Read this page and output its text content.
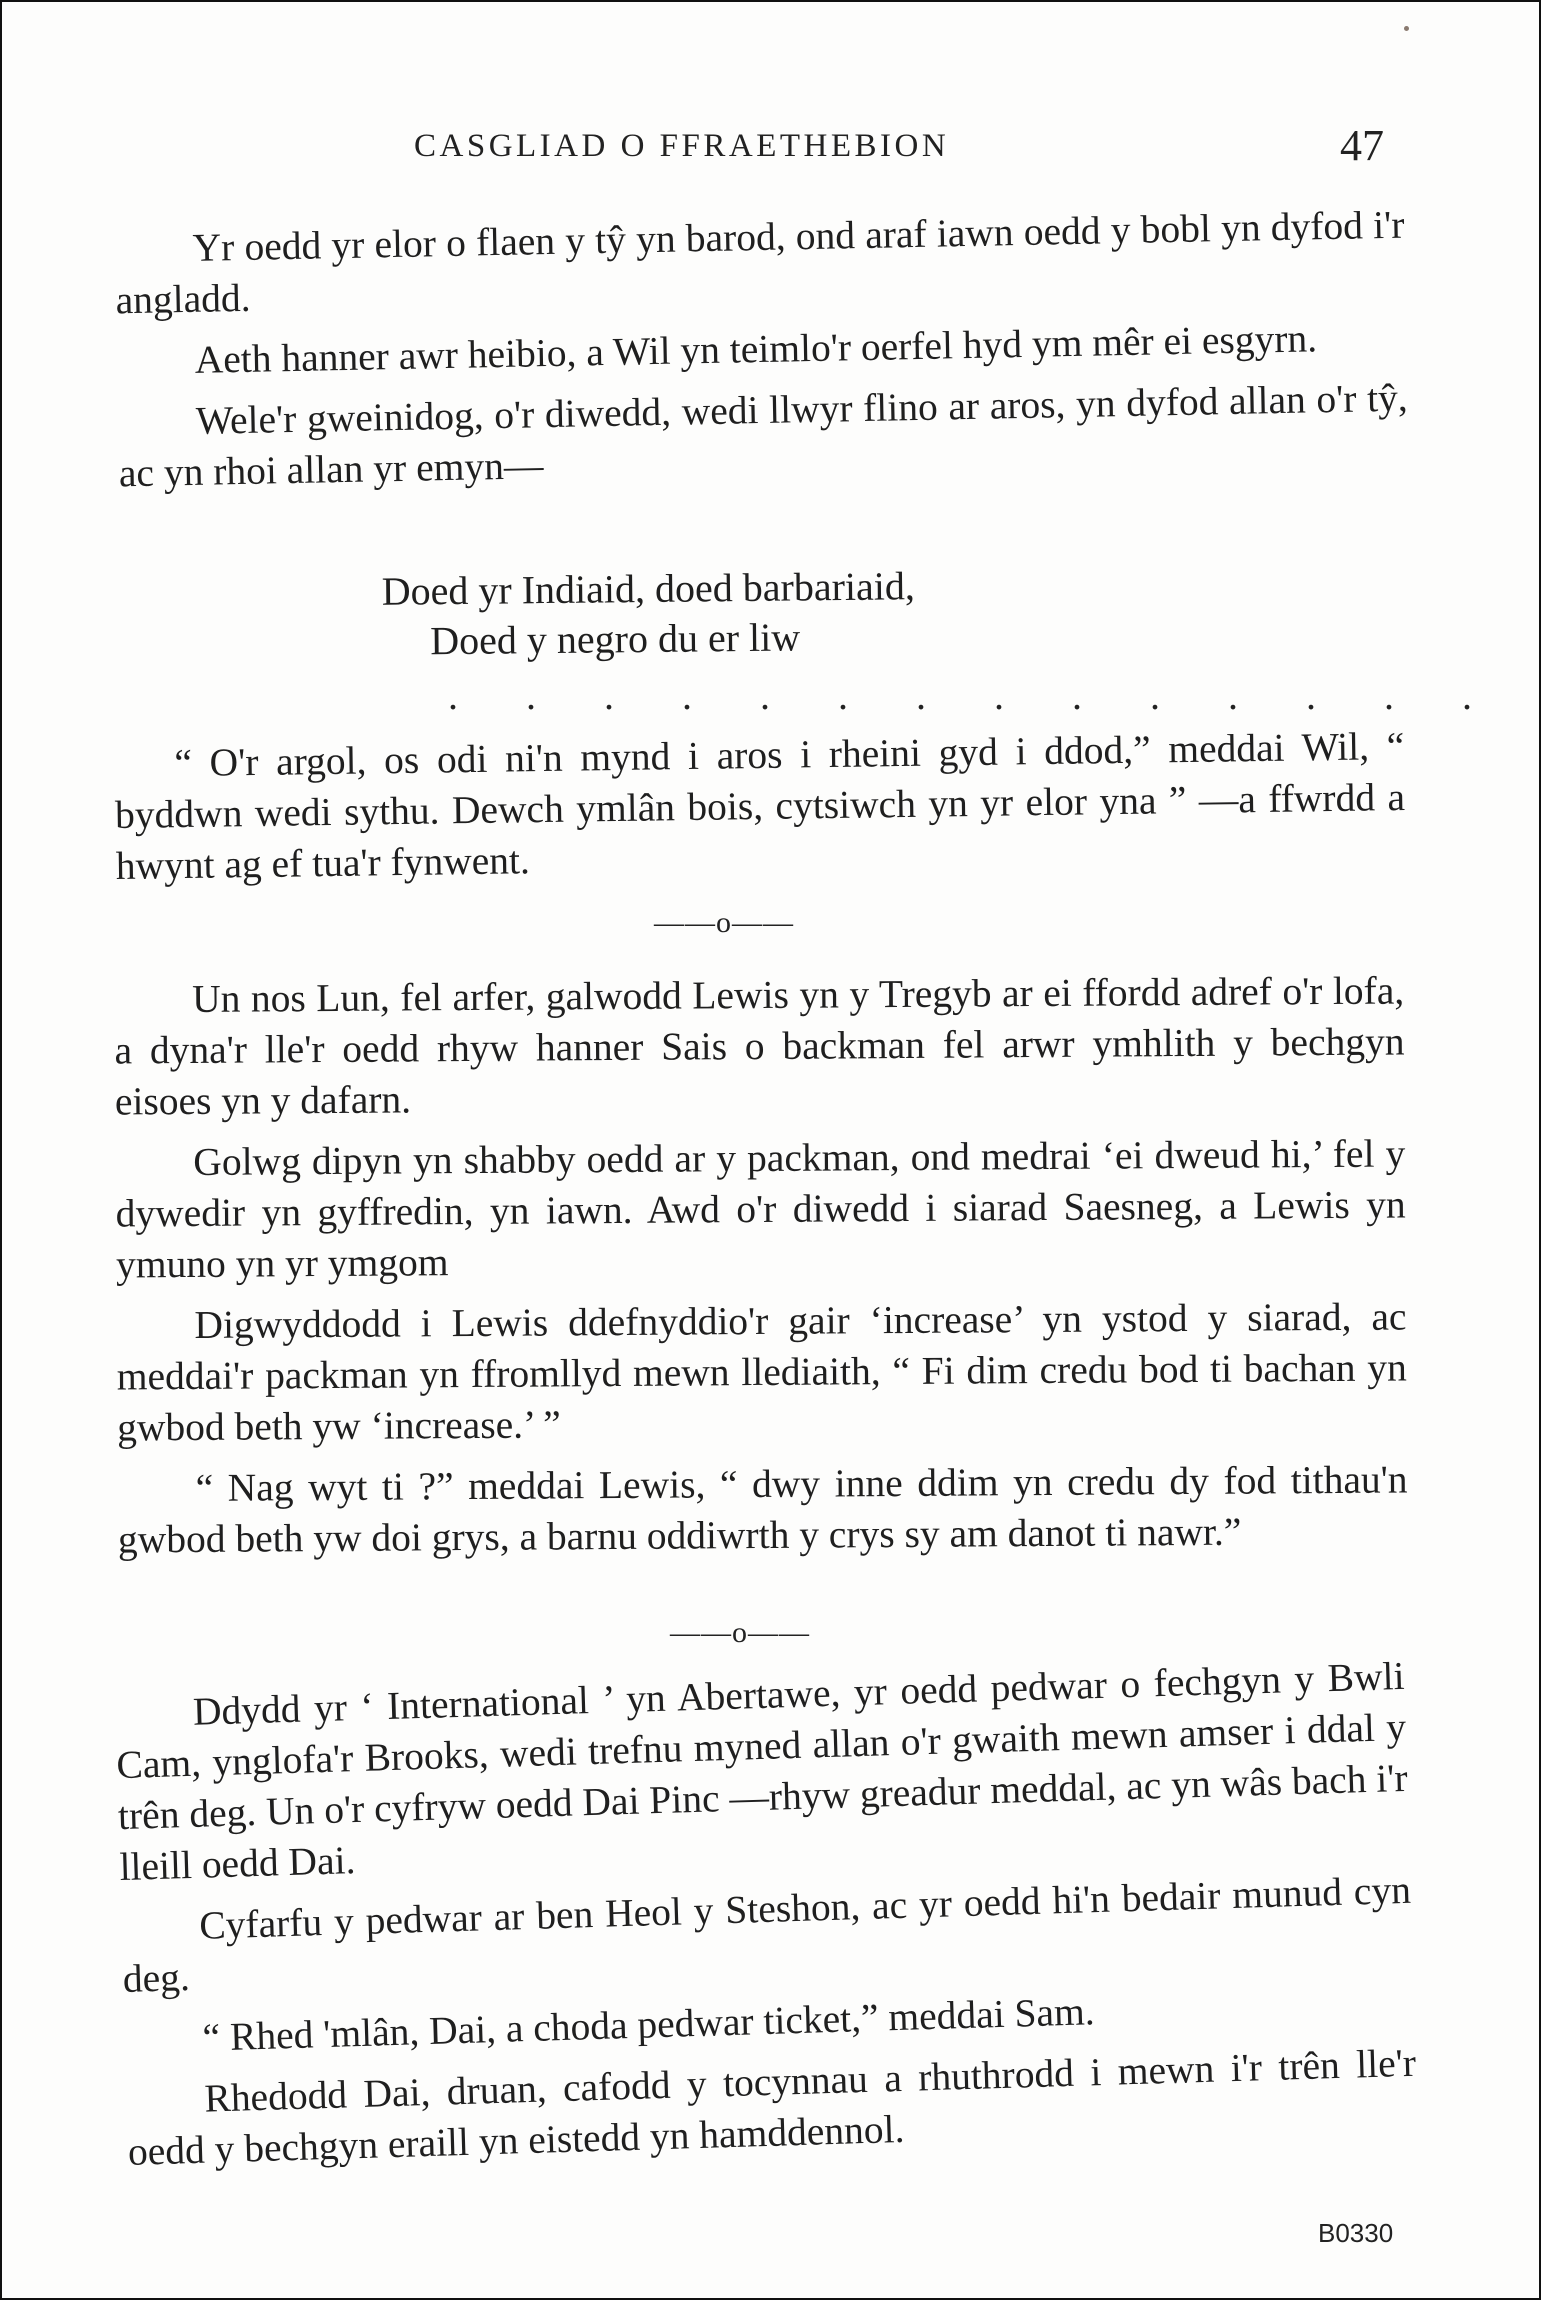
CASGLIAD O FFRAETHEBION	47

Yr oedd yr elor o flaen y tŷ yn barod, ond araf iawn oedd y bobl yn dyfod i'r angladd.

Aeth hanner awr heibio, a Wil yn teimlo'r oerfel hyd ym mêr ei esgyrn.

Wele'r gweinidog, o'r diwedd, wedi llwyr flino ar aros, yn dyfod allan o'r tŷ, ac yn rhoi allan yr emyn—

Doed yr Indiaid, doed barbariaid,
Doed y negro du er liw
. . . . . . . . . . . . . .
“ O'r argol, os odi ni'n mynd i aros i rheini gyd i ddod,” meddai Wil, “ byddwn wedi sythu. Dewch ymlân bois, cytsiwch yn yr elor yna ” —a ffwrdd a hwynt ag ef tua'r fynwent.
——o——

Un nos Lun, fel arfer, galwodd Lewis yn y Tregyb ar ei ffordd adref o'r lofa, a dyna'r lle'r oedd rhyw hanner Sais o backman fel arwr ymhlith y bechgyn eisoes yn y dafarn.

Golwg dipyn yn shabby oedd ar y packman, ond medrai ‘ei dweud hi,’ fel y dywedir yn gyffredin, yn iawn. Awd o'r diwedd i siarad Saesneg, a Lewis yn ymuno yn yr ymgom

Digwyddodd i Lewis ddefnyddio'r gair ‘increase’ yn ystod y siarad, ac meddai'r packman yn ffromllyd mewn llediaith, “ Fi dim credu bod ti bachan yn gwbod beth yw ‘increase.’ ”

“ Nag wyt ti ?” meddai Lewis, “ dwy inne ddim yn credu dy fod tithau'n gwbod beth yw doi grys, a barnu oddiwrth y crys sy am danot ti nawr.”

——o——

Ddydd yr ‘ International ’ yn Abertawe, yr oedd pedwar o fechgyn y Bwli Cam, ynglofa'r Brooks, wedi trefnu myned allan o'r gwaith mewn amser i ddal y trên deg. Un o'r cyfryw oedd Dai Pinc —rhyw greadur meddal, ac yn wâs bach i'r lleill oedd Dai.

Cyfarfu y pedwar ar ben Heol y Steshon, ac yr oedd hi'n bedair munud cyn deg.

“ Rhed 'mlân, Dai, a choda pedwar ticket,” meddai Sam.

Rhedodd Dai, druan, cafodd y tocynnau a rhuthrodd i mewn i'r trên lle'r oedd y bechgyn eraill yn eistedd yn hamddennol.

B0330
